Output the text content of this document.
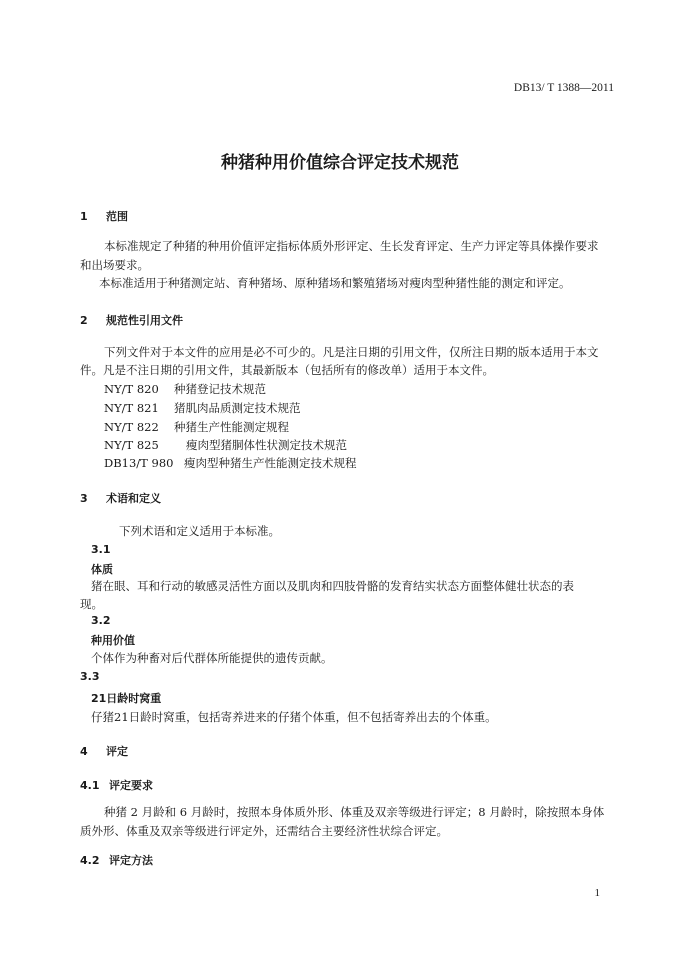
DB13/ T 1388—2011
种猪种用价值综合评定技术规范
1 范围
本标准规定了种猪的种用价值评定指标体质外形评定、生长发育评定、生产力评定等具体操作要求
和出场要求。
本标准适用于种猪测定站、育种猪场、原种猪场和繁殖猪场对瘦肉型种猪性能的测定和评定。
2 规范性引用文件
下列文件对于本文件的应用是必不可少的。凡是注日期的引用文件，仅所注日期的版本适用于本文
件。凡是不注日期的引用文件，其最新版本（包括所有的修改单）适用于本文件。
NY/T 820 种猪登记技术规范
NY/T 821 猪肌肉品质测定技术规范
NY/T 822 种猪生产性能测定规程
NY/T 825 瘦肉型猪胴体性状测定技术规范
DB13/T 980 瘦肉型种猪生产性能测定技术规程
3 术语和定义
下列术语和定义适用于本标准。
3.1
体质
猪在眼、耳和行动的敏感灵活性方面以及肌肉和四肢骨骼的发育结实状态方面整体健壮状态的表
现。
3.2
种用价值
个体作为种畜对后代群体所能提供的遗传贡献。
3.3
21日龄时窝重
仔猪21日龄时窝重，包括寄养进来的仔猪个体重，但不包括寄养出去的个体重。
4 评定
4.1 评定要求
种猪 2 月龄和 6 月龄时，按照本身体质外形、体重及双亲等级进行评定；8 月龄时，除按照本身体
质外形、体重及双亲等级进行评定外，还需结合主要经济性状综合评定。
4.2 评定方法
1
